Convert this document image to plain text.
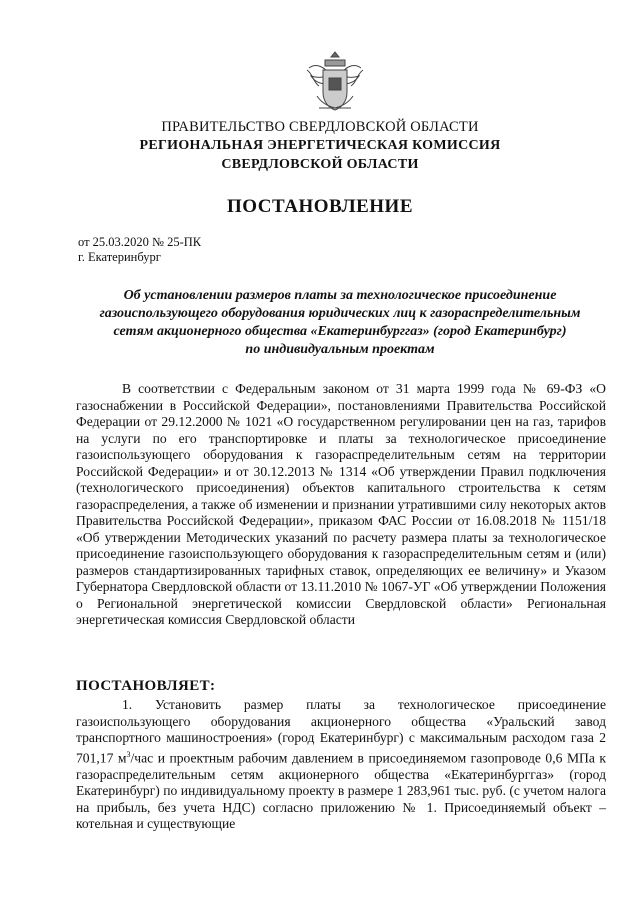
ПРАВИТЕЛЬСТВО СВЕРДЛОВСКОЙ ОБЛАСТИ
РЕГИОНАЛЬНАЯ ЭНЕРГЕТИЧЕСКАЯ КОМИССИЯ
СВЕРДЛОВСКОЙ ОБЛАСТИ
ПОСТАНОВЛЕНИЕ
от 25.03.2020 № 25-ПК
г. Екатеринбург
Об установлении размеров платы за технологическое присоединение
газоиспользующего оборудования юридических лиц к газораспределительным
сетям акционерного общества «Екатеринбурггаз» (город Екатеринбург)
по индивидуальным проектам

В соответствии с Федеральным законом от 31 марта 1999 года № 69-ФЗ «О газоснабжении в Российской Федерации», постановлениями Правительства Российской Федерации от 29.12.2000 № 1021 «О государственном регулировании цен на газ, тарифов на услуги по его транспортировке и платы за технологическое присоединение газоиспользующего оборудования к газораспределительным сетям на территории Российской Федерации» и от 30.12.2013 № 1314 «Об утверждении Правил подключения (технологического присоединения) объектов капитального строительства к сетям газораспределения, а также об изменении и признании утратившими силу некоторых актов Правительства Российской Федерации», приказом ФАС России от 16.08.2018 № 1151/18 «Об утверждении Методических указаний по расчету размера платы за технологическое присоединение газоиспользующего оборудования к газораспределительным сетям и (или) размеров стандартизированных тарифных ставок, определяющих ее величину» и Указом Губернатора Свердловской области от 13.11.2010 № 1067-УГ «Об утверждении Положения о Региональной энергетической комиссии Свердловской области» Региональная энергетическая комиссия Свердловской области

ПОСТАНОВЛЯЕТ:

1. Установить размер платы за технологическое присоединение газоиспользующего оборудования акционерного общества «Уральский завод транспортного машиностроения» (город Екатеринбург) с максимальным расходом газа 2 701,17 $м^3$/час и проектным рабочим давлением в присоединяемом газопроводе 0,6 МПа к газораспределительным сетям акционерного общества «Екатеринбурггаз» (город Екатеринбург) по индивидуальному проекту в размере 1 283,961 тыс. руб. (с учетом налога на прибыль, без учета НДС) согласно приложению № 1. Присоединяемый объект – котельная и существующие
